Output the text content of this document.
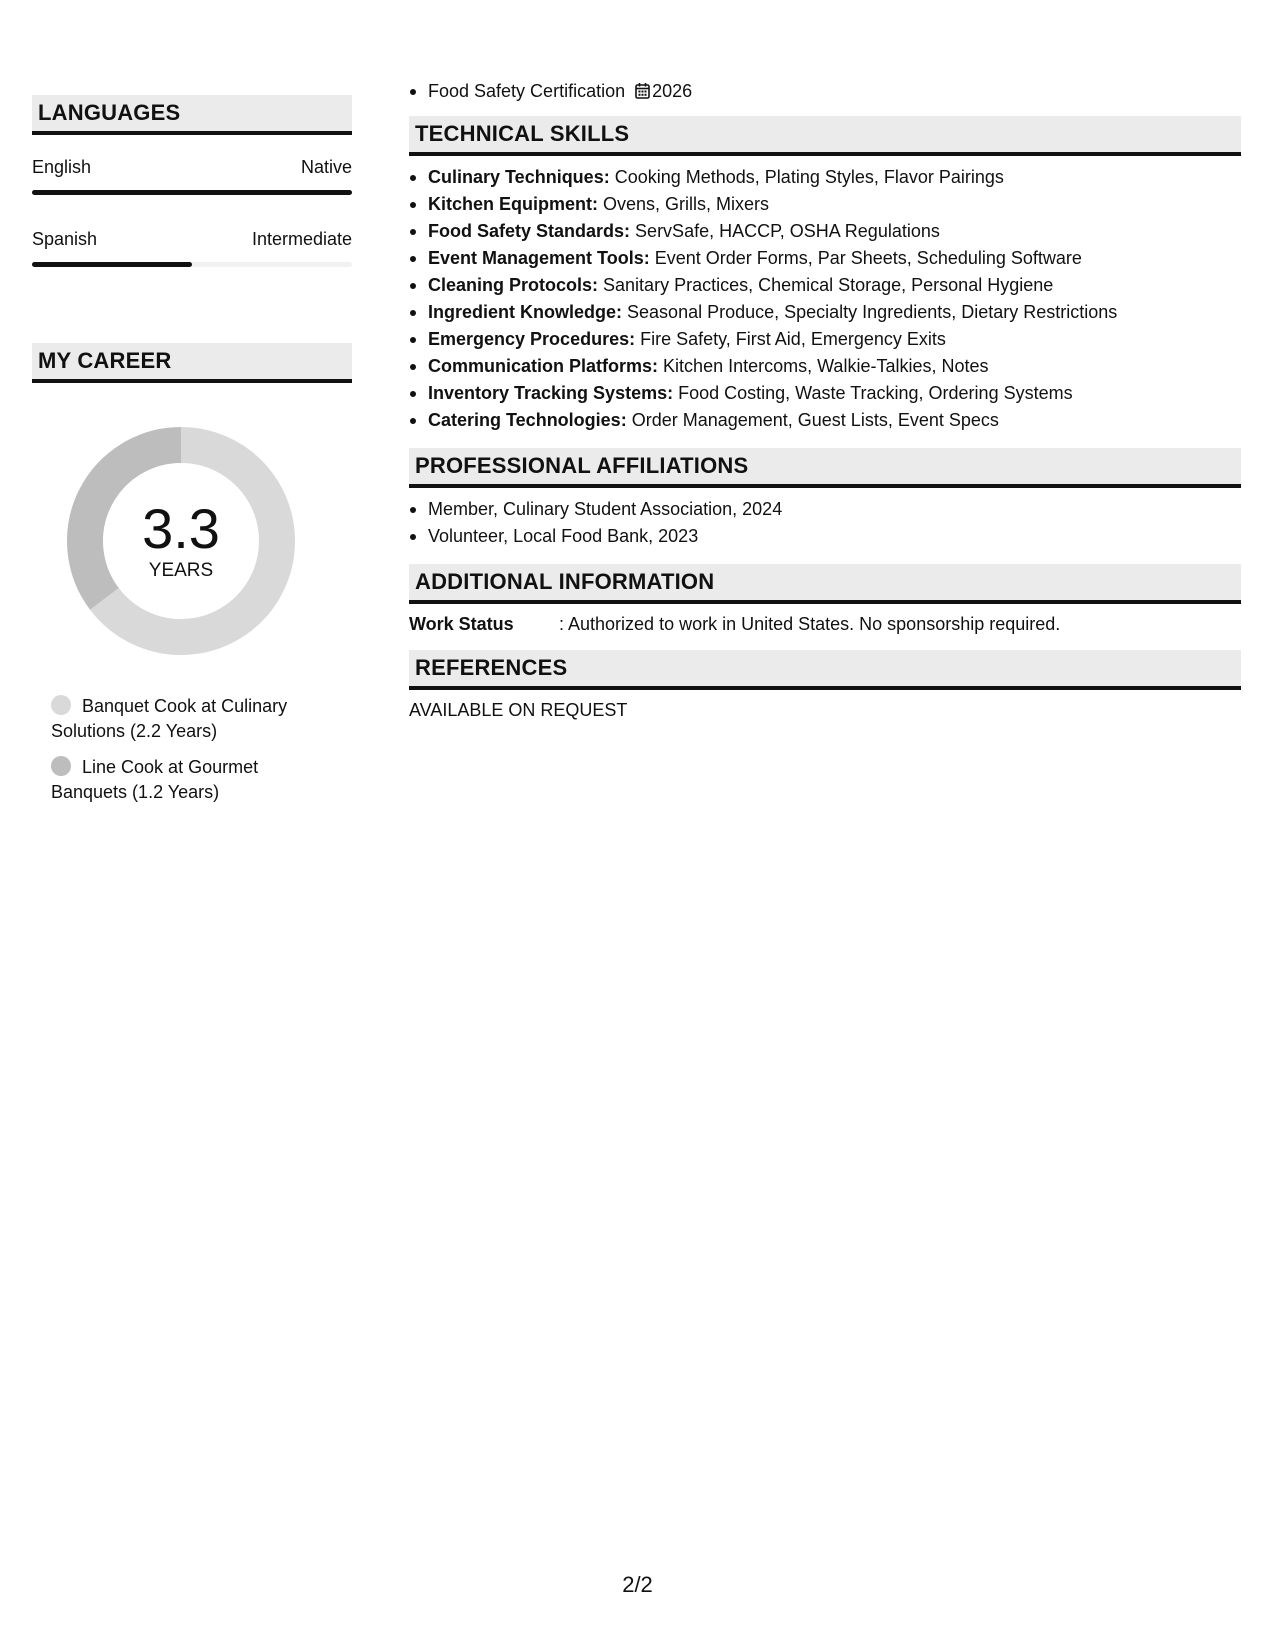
LANGUAGES
English	Native
Spanish	Intermediate
MY CAREER
3.3
YEARS
Banquet Cook at Culinary Solutions (2.2 Years)
Line Cook at Gourmet Banquets (1.2 Years)
Food Safety Certification 2026
TECHNICAL SKILLS
Culinary Techniques: Cooking Methods, Plating Styles, Flavor Pairings
Kitchen Equipment: Ovens, Grills, Mixers
Food Safety Standards: ServSafe, HACCP, OSHA Regulations
Event Management Tools: Event Order Forms, Par Sheets, Scheduling Software
Cleaning Protocols: Sanitary Practices, Chemical Storage, Personal Hygiene
Ingredient Knowledge: Seasonal Produce, Specialty Ingredients, Dietary Restrictions
Emergency Procedures: Fire Safety, First Aid, Emergency Exits
Communication Platforms: Kitchen Intercoms, Walkie-Talkies, Notes
Inventory Tracking Systems: Food Costing, Waste Tracking, Ordering Systems
Catering Technologies: Order Management, Guest Lists, Event Specs
PROFESSIONAL AFFILIATIONS
Member, Culinary Student Association, 2024
Volunteer, Local Food Bank, 2023
ADDITIONAL INFORMATION
Work Status	: Authorized to work in United States. No sponsorship required.
REFERENCES
AVAILABLE ON REQUEST
2/2
